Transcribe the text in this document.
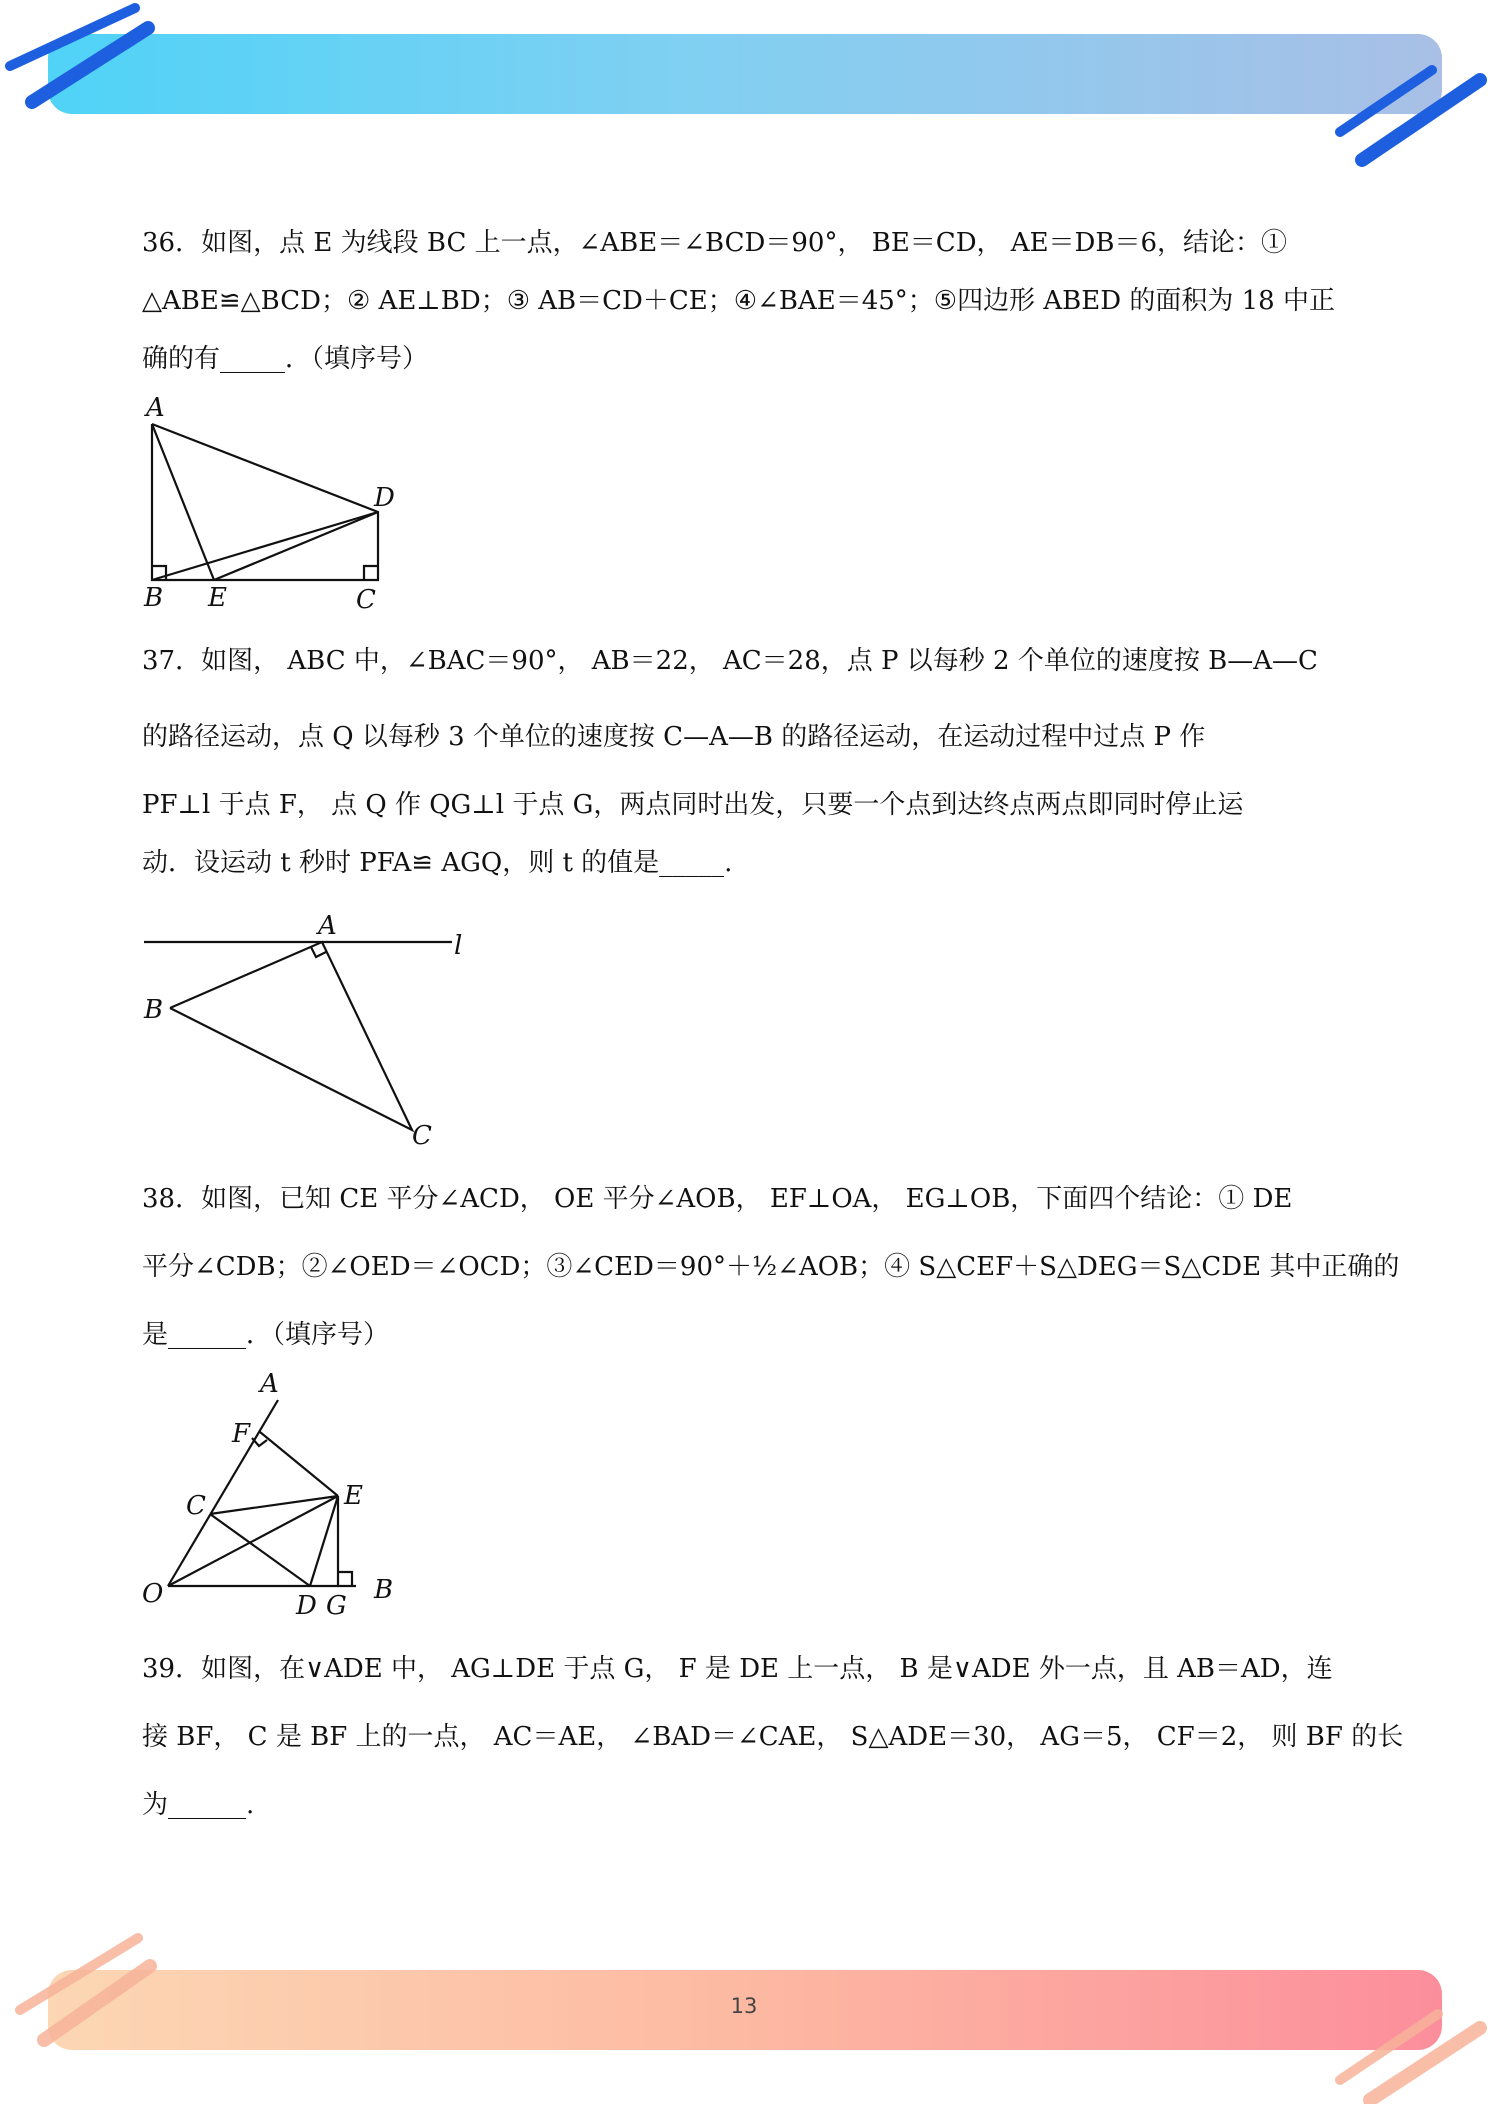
36．如图，点 E 为线段 BC 上一点，∠ABE＝∠BCD＝90°， BE＝CD， AE＝DB＝6，结论：①
△ABE≌△BCD；② AE⊥BD；③ AB＝CD＋CE；④∠BAE＝45°；⑤四边形 ABED 的面积为 18 中正
确的有_____．（填序号）
A
D
B E	C
37．如图， ABC 中，∠BAC＝90°， AB＝22， AC＝28，点 P 以每秒 2 个单位的速度按 B—A—C
的路径运动，点 Q 以每秒 3 个单位的速度按 C—A—B 的路径运动，在运动过程中过点 P 作
PF⊥l 于点 F， 点 Q 作 QG⊥l 于点 G，两点同时出发，只要一个点到达终点两点即同时停止运
动．设运动 t 秒时 PFA≌ AGQ，则 t 的值是_____.
A
l
B
C
38．如图，已知 CE 平分∠ACD， OE 平分∠AOB， EF⊥OA， EG⊥OB，下面四个结论：① DE
平分∠CDB；②∠OED＝∠OCD；③∠CED＝90°＋½∠AOB；④ S△CEF＋S△DEG＝S△CDE 其中正确的
是______．（填序号）
A
F
C	E
O	D G
B
39．如图，在∨ADE 中， AG⊥DE 于点 G， F 是 DE 上一点， B 是∨ADE 外一点，且 AB＝AD，连
接 BF， C 是 BF 上的一点， AC＝AE， ∠BAD＝∠CAE， S△ADE＝30， AG＝5， CF＝2， 则 BF 的长
为______.
13
